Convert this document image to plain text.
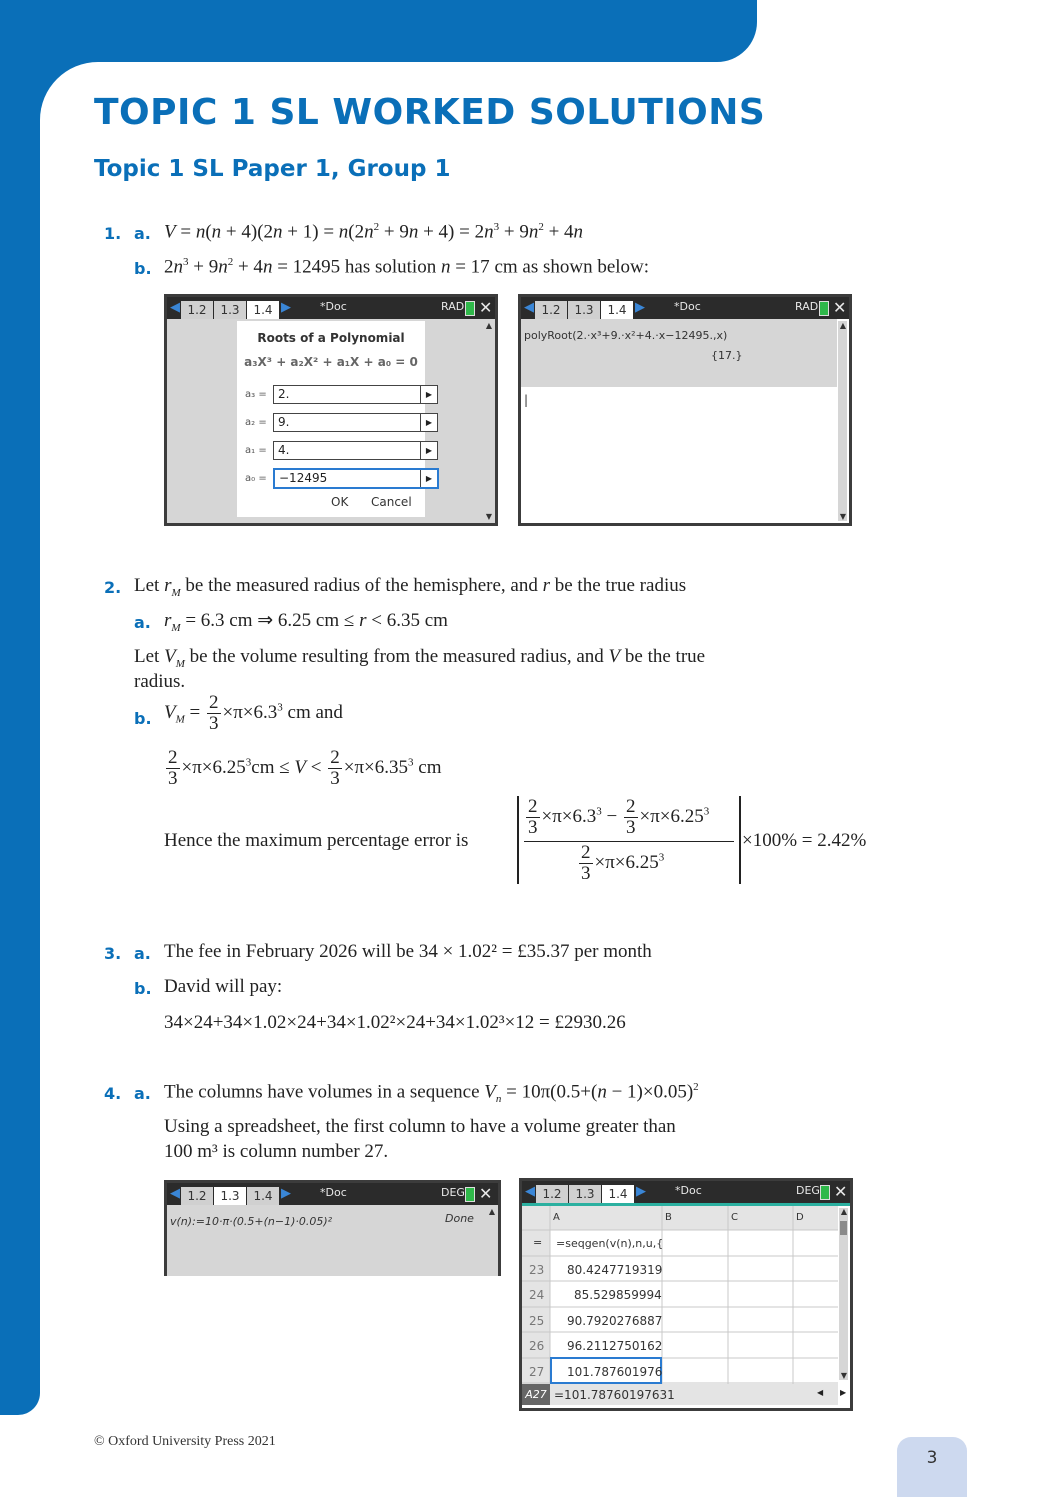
TOPIC 1 SL WORKED SOLUTIONS
Topic 1 SL Paper 1, Group 1
1. a. $V = n(n + 4)(2n + 1) = n(2n^2 + 9n + 4) = 2n^3 + 9n^2 + 4n$
b. $2n^3 + 9n^2 + 4n = 12495$ has solution n = 17 cm as shown below:
◀ 1.2	1.3	1.4 ▶	*Doc	RAD ✕
Roots of a Polynomial
a₃X³ + a₂X² + a₁X + a₀ = 0
a₃ = 2.	▶
a₂ = 9.	▶
a₁ = 4.	▶
a₀ =	−12495	▶
OK Cancel
▲
▼
◀ 1.2	1.3	1.4 ▶	*Doc	RAD ✕
polyRoot(2.·x³+9.·x²+4.·x−12495.,x)
{17.}
|
▲
▼
2. Let $r_M$ be the measured radius of the hemisphere, and r be the true radius
a. $r_M = 6.3$ cm ⇒ 6.25 cm ≤ r < 6.35 cm
Let $V_M$ be the volume resulting from the measured radius, and V be the true
radius.
b. $V_M = \frac{2}{3} \times\pi\times 6.3^3$ cm and
$\frac{2}{3} \times\pi\times 6.25^3cm \le V < \frac{2}{3} \times\pi\times 6.35^3$ cm
Hence the maximum percentage error is
$\frac{2}{3} \times\pi\times 6.3^3 - \frac{2}{3} \times\pi\times 6.25^3$
$\frac{2}{3} \times\pi\times 6.25^3$
×100% = 2.42%
3. a. The fee in February 2026 will be 34 × 1.02² = £35.37 per month
b. David will pay:
34×24+34×1.02×24+34×1.02²×24+34×1.02³×12 = £2930.26
4. a. The columns have volumes in a sequence $V_n = 10\pi(0.5+(n - 1)\times 0.05)^2$
Using a spreadsheet, the first column to have a volume greater than
100 m³ is column number 27.
◀ 1.2	1.3	1.4 ▶	*Doc	DEG ✕
v(n):=10·π·(0.5+(n−1)·0.05)²	Done
▲
◀ 1.2	1.3	1.4 ▶	*Doc	DEG ✕
A	B	C	D
= =seqgen(v(n),n,u,{
23 80.4247719319
24 85.529859994
25 90.7920276887
26 96.2112750162
27 101.787601976
A27 =101.78760197631	◀ ▶
▲
▼
© Oxford University Press 2021
3
